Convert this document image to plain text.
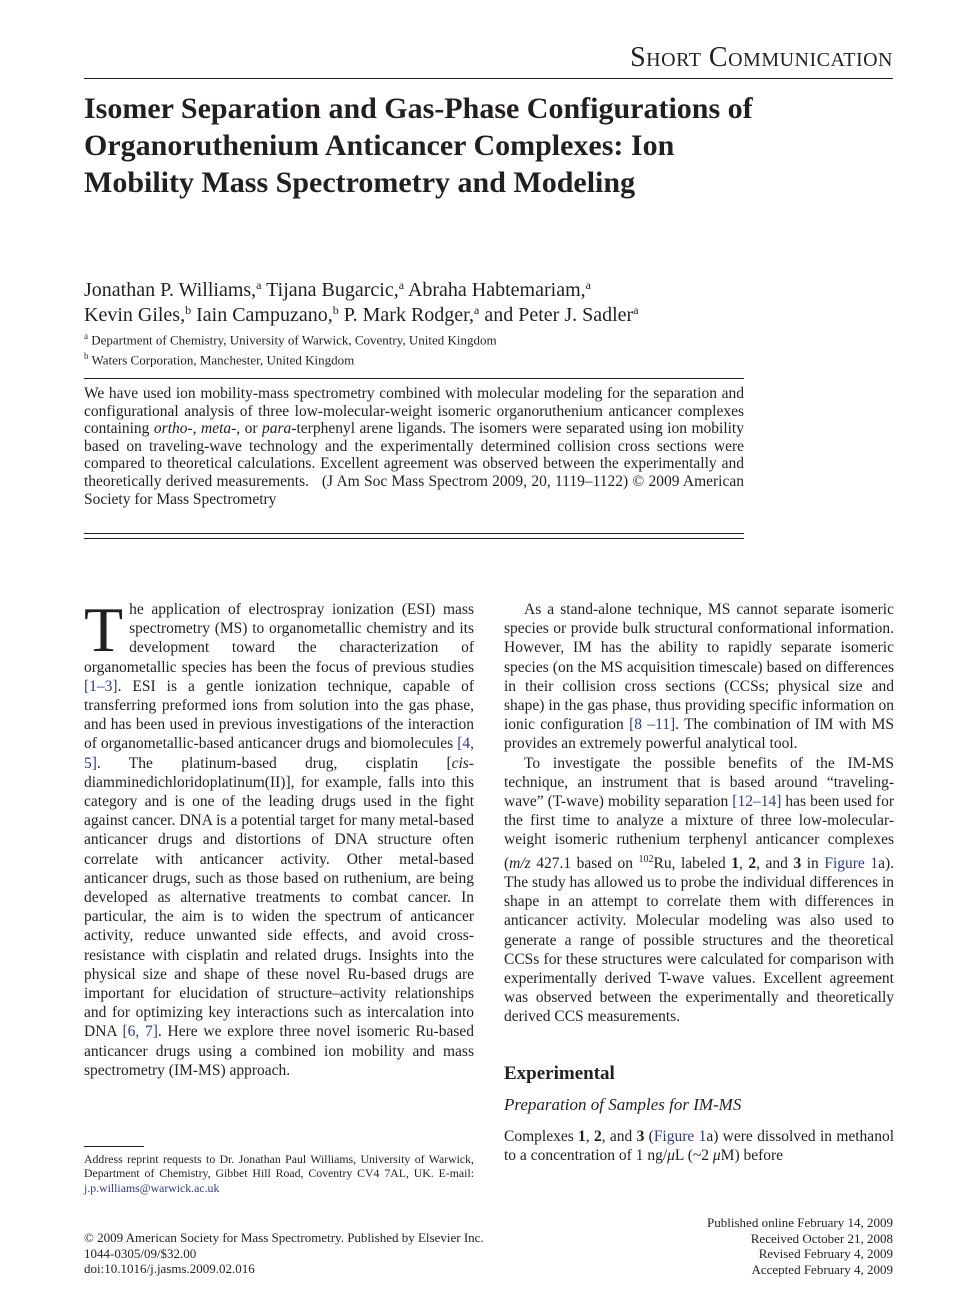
Short Communication
Isomer Separation and Gas-Phase Configurations of Organoruthenium Anticancer Complexes: Ion Mobility Mass Spectrometry and Modeling
Jonathan P. Williams,$^a$ Tijana Bugarcic,$^a$ Abraha Habtemariam,$^a$
Kevin Giles,$^b$ Iain Campuzano,$^b$ P. Mark Rodger,$^a$ and Peter J. Sadler$^a$
$^a$ Department of Chemistry, University of Warwick, Coventry, United Kingdom
$^b$ Waters Corporation, Manchester, United Kingdom

We have used ion mobility-mass spectrometry combined with molecular modeling for the separation and configurational analysis of three low-molecular-weight isomeric organoruthenium anticancer complexes containing ortho-, meta-, or para-terphenyl arene ligands. The isomers were separated using ion mobility based on traveling-wave technology and the experimentally determined collision cross sections were compared to theoretical calculations. Excellent agreement was observed between the experimentally and theoretically derived measurements.   (J Am Soc Mass Spectrom 2009, 20, 1119–1122) © 2009 American Society for Mass Spectrometry

The application of electrospray ionization (ESI) mass spectrometry (MS) to organometallic chemistry and its development toward the characterization of organometallic species has been the focus of previous studies [1–3]. ESI is a gentle ionization technique, capable of transferring preformed ions from solution into the gas phase, and has been used in previous investigations of the interaction of organometallic-based anticancer drugs and biomolecules [4, 5]. The platinum-based drug, cisplatin [cis-diamminedichloridoplatinum(II)], for example, falls into this category and is one of the leading drugs used in the fight against cancer. DNA is a potential target for many metal-based anticancer drugs and distortions of DNA structure often correlate with anticancer activity. Other metal-based anticancer drugs, such as those based on ruthenium, are being developed as alternative treatments to combat cancer. In particular, the aim is to widen the spectrum of anticancer activity, reduce unwanted side effects, and avoid cross-resistance with cisplatin and related drugs. Insights into the physical size and shape of these novel Ru-based drugs are important for elucidation of structure–activity relationships and for optimizing key interactions such as intercalation into DNA [6, 7]. Here we explore three novel isomeric Ru-based anticancer drugs using a combined ion mobility and mass spectrometry (IM-MS) approach.

As a stand-alone technique, MS cannot separate isomeric species or provide bulk structural conformational information. However, IM has the ability to rapidly separate isomeric species (on the MS acquisition timescale) based on differences in their collision cross sections (CCSs; physical size and shape) in the gas phase, thus providing specific information on ionic configuration [8 –11]. The combination of IM with MS provides an extremely powerful analytical tool.

To investigate the possible benefits of the IM-MS technique, an instrument that is based around “traveling-wave” (T-wave) mobility separation [12–14] has been used for the first time to analyze a mixture of three low-molecular-weight isomeric ruthenium terphenyl anticancer complexes (m/z 427.1 based on $^{102}$Ru, labeled 1, 2, and 3 in Figure 1a). The study has allowed us to probe the individual differences in shape in an attempt to correlate them with differences in anticancer activity. Molecular modeling was also used to generate a range of possible structures and the theoretical CCSs for these structures were calculated for comparison with experimentally derived T-wave values. Excellent agreement was observed between the experimentally and theoretically derived CCS measurements.

Experimental

Preparation of Samples for IM-MS

Complexes 1, 2, and 3 (Figure 1a) were dissolved in methanol to a concentration of 1 ng/μL (~2 μM) before

Address reprint requests to Dr. Jonathan Paul Williams, University of Warwick, Department of Chemistry, Gibbet Hill Road, Coventry CV4 7AL, UK. E-mail: j.p.williams@warwick.ac.uk
© 2009 American Society for Mass Spectrometry. Published by Elsevier Inc.
1044-0305/09/$32.00
doi:10.1016/j.jasms.2009.02.016
Published online February 14, 2009
Received October 21, 2008
Revised February 4, 2009
Accepted February 4, 2009
